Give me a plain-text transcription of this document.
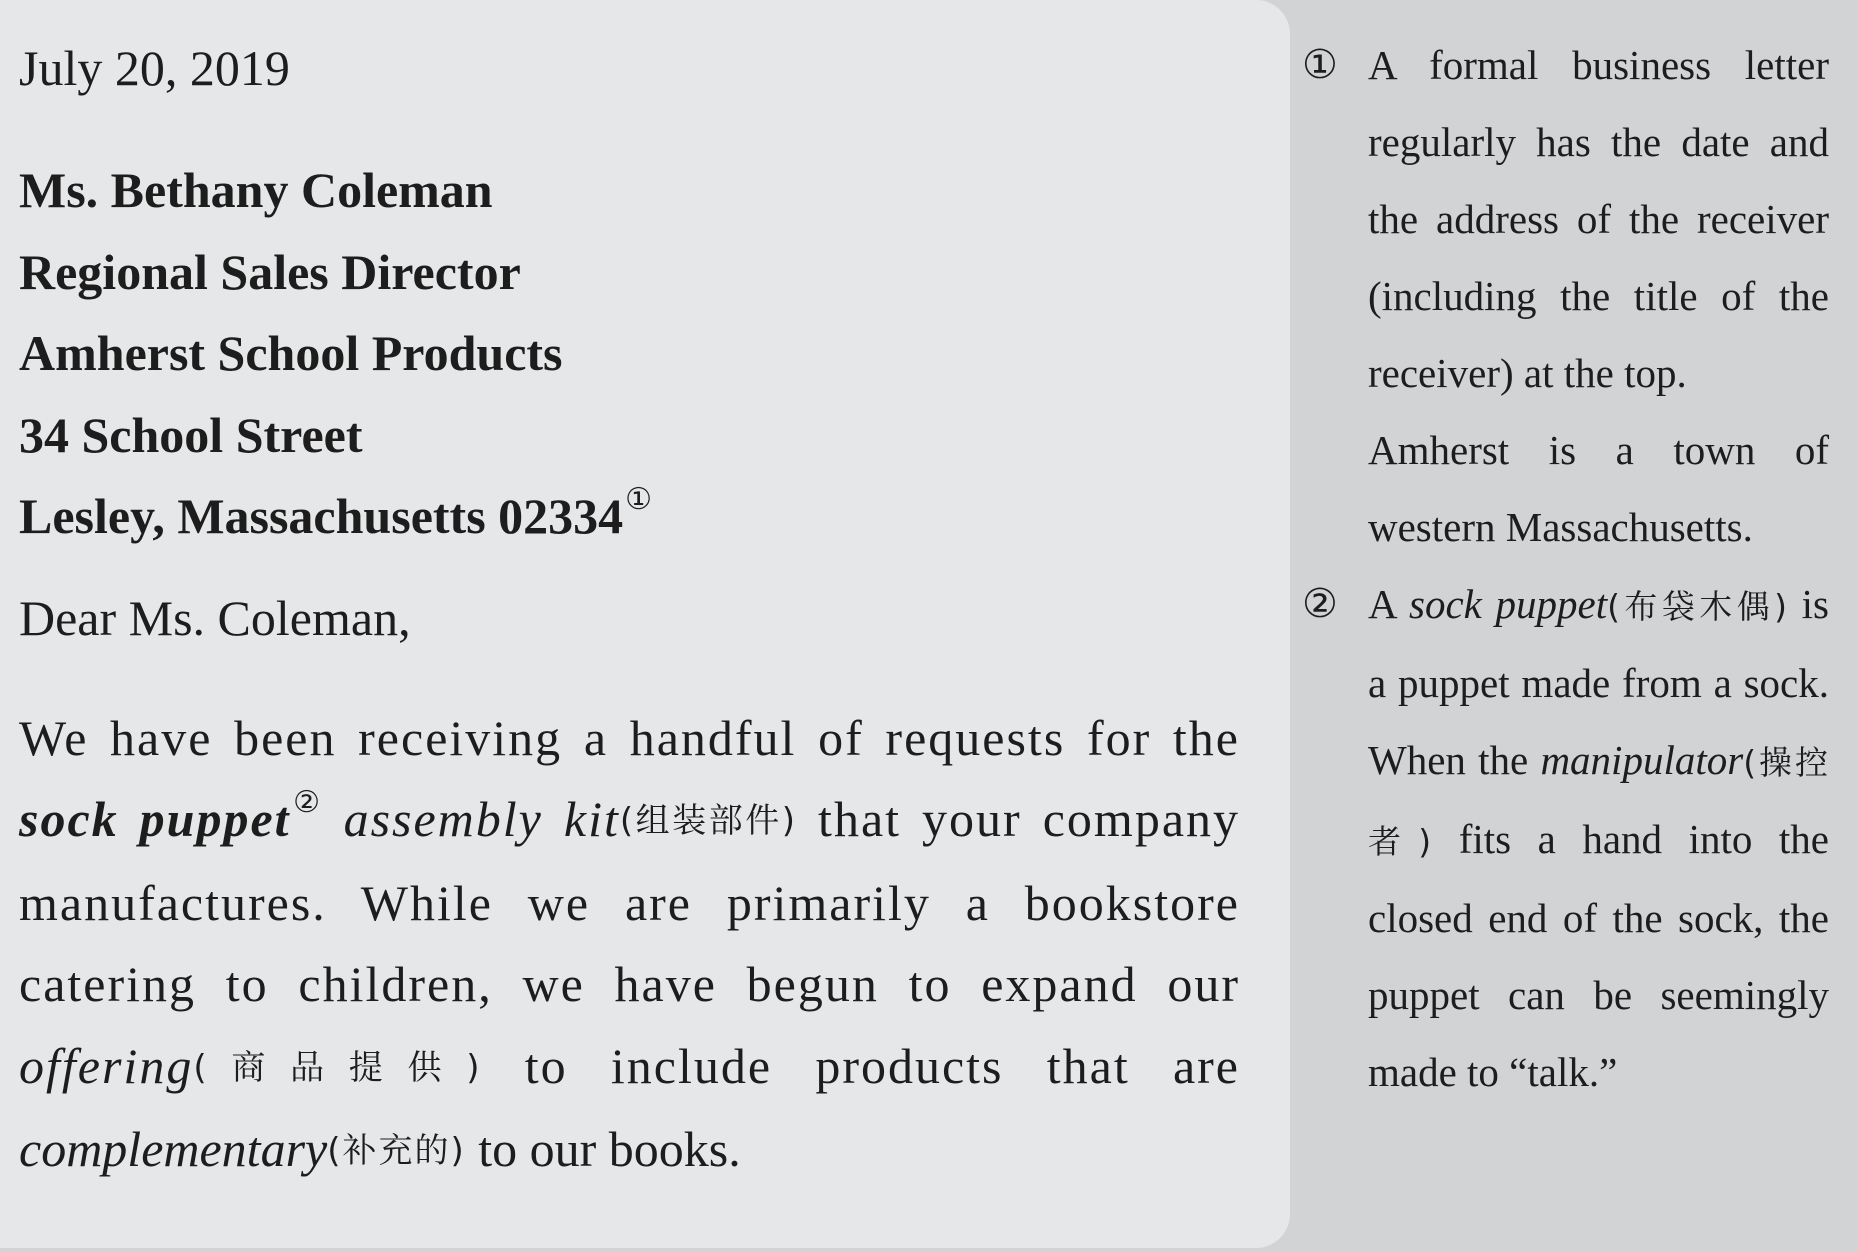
July 20, 2019

Ms. Bethany Coleman
Regional Sales Director
Amherst School Products
34 School Street
Lesley, Massachusetts 02334①

Dear Ms. Coleman,

We have been receiving a handful of requests for the sock puppet② assembly kit(组装部件) that your company manufactures. While we are primarily a bookstore catering to children, we have begun to expand our offering(商品提供) to include products that are complementary(补充的) to our books.

① A formal business letter regularly has the date and the address of the receiver (including the title of the receiver) at the top.
Amherst is a town of western Massachusetts.
② A sock puppet(布袋木偶) is a puppet made from a sock. When the manipulator(操控者) fits a hand into the closed end of the sock, the puppet can be seemingly made to “talk.”
